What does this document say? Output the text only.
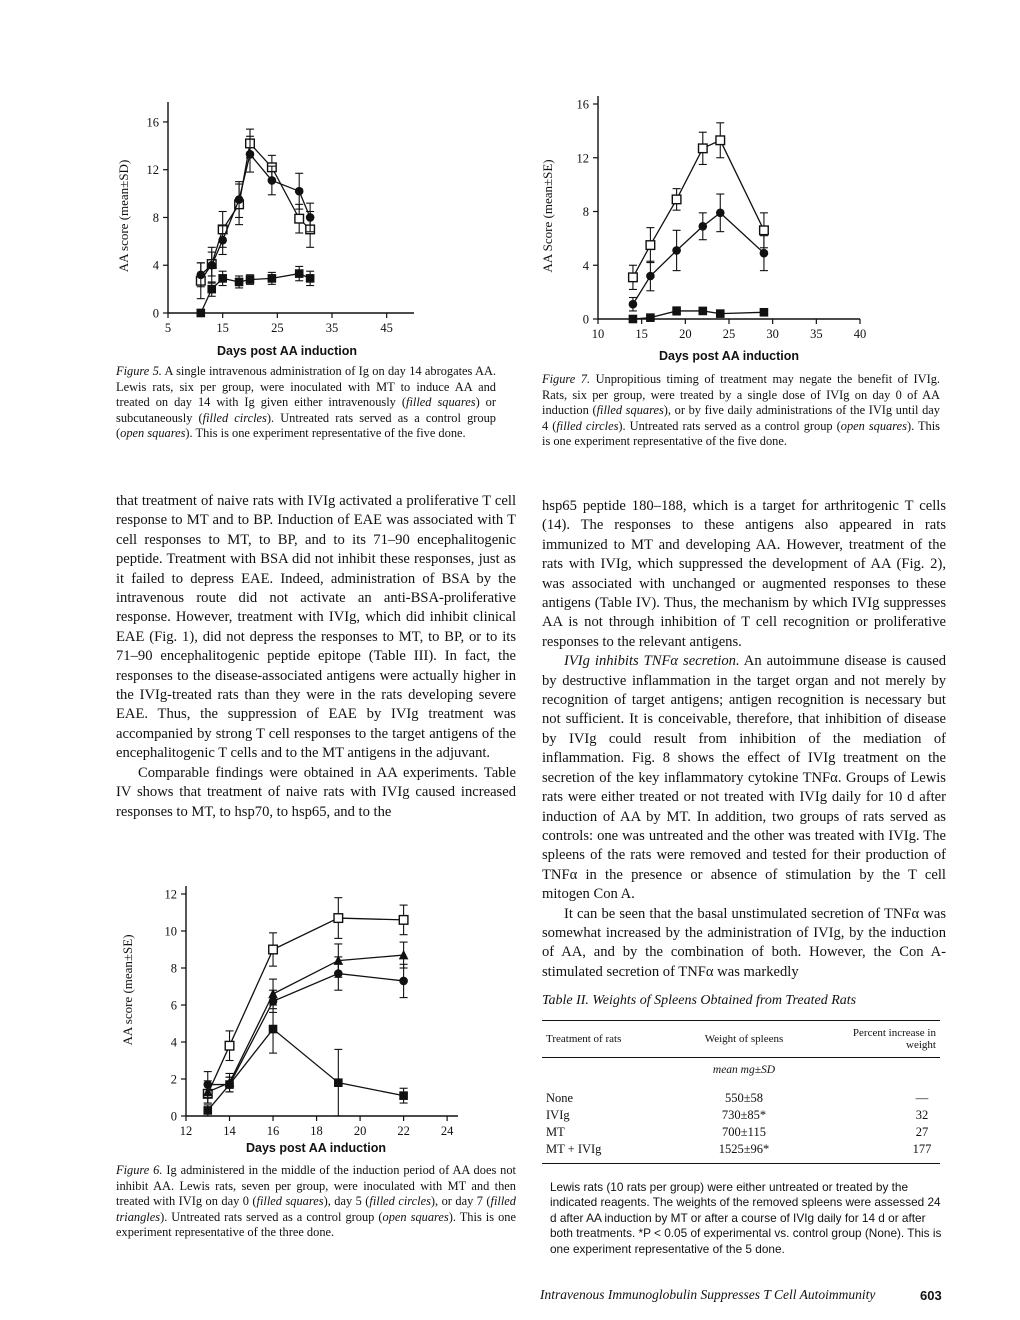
AA score (mean±SD)
Days post AA induction
0
4
8
12
16
5	15	25	35	45
Figure 5. A single intravenous administration of Ig on day 14 abrogates AA. Lewis rats, six per group, were inoculated with MT to induce AA and treated on day 14 with Ig given either intravenously (filled squares) or subcutaneously (filled circles). Untreated rats served as a control group (open squares). This is one experiment representative of the five done.
AA Score (mean±SE)
Days post AA induction
0
4
8
12
16
10 15 20 25 30 35 40
Figure 7. Unpropitious timing of treatment may negate the benefit of IVIg. Rats, six per group, were treated by a single dose of IVIg on day 0 of AA induction (filled squares), or by five daily administrations of the IVIg until day 4 (filled circles). Untreated rats served as a control group (open squares). This is one experiment representative of the five done.

that treatment of naive rats with IVIg activated a proliferative T cell response to MT and to BP. Induction of EAE was associated with T cell responses to MT, to BP, and to its 71–90 encephalitogenic peptide. Treatment with BSA did not inhibit these responses, just as it failed to depress EAE. Indeed, administration of BSA by the intravenous route did not activate an anti-BSA-proliferative response. However, treatment with IVIg, which did inhibit clinical EAE (Fig. 1), did not depress the responses to MT, to BP, or to its 71–90 encephalitogenic peptide epitope (Table III). In fact, the responses to the disease-associated antigens were actually higher in the IVIg-treated rats than they were in the rats developing severe EAE. Thus, the suppression of EAE by IVIg treatment was accompanied by strong T cell responses to the target antigens of the encephalitogenic T cells and to the MT antigens in the adjuvant.

Comparable findings were obtained in AA experiments. Table IV shows that treatment of naive rats with IVIg caused increased responses to MT, to hsp70, to hsp65, and to the

AA score (mean±SE)
Days post AA induction
0
2
4
6
8
10
12
12 14 16 18 20 22 24
Figure 6. Ig administered in the middle of the induction period of AA does not inhibit AA. Lewis rats, seven per group, were inoculated with MT and then treated with IVIg on day 0 (filled squares), day 5 (filled circles), or day 7 (filled triangles). Untreated rats served as a control group (open squares). This is one experiment representative of the three done.

hsp65 peptide 180–188, which is a target for arthritogenic T cells (14). The responses to these antigens also appeared in rats immunized to MT and developing AA. However, treatment of the rats with IVIg, which suppressed the development of AA (Fig. 2), was associated with unchanged or augmented responses to these antigens (Table IV). Thus, the mechanism by which IVIg suppresses AA is not through inhibition of T cell recognition or proliferative responses to the relevant antigens.

IVIg inhibits TNFα secretion. An autoimmune disease is caused by destructive inflammation in the target organ and not merely by recognition of target antigens; antigen recognition is necessary but not sufficient. It is conceivable, therefore, that inhibition of disease by IVIg could result from inhibition of the mediation of inflammation. Fig. 8 shows the effect of IVIg treatment on the secretion of the key inflammatory cytokine TNFα. Groups of Lewis rats were either treated or not treated with IVIg daily for 10 d after induction of AA by MT. In addition, two groups of rats served as controls: one was untreated and the other was treated with IVIg. The spleens of the rats were removed and tested for their production of TNFα in the presence or absence of stimulation by the T cell mitogen Con A.

It can be seen that the basal unstimulated secretion of TNFα was somewhat increased by the administration of IVIg, by the induction of AA, and by the combination of both. However, the Con A-stimulated secretion of TNFα was markedly

Table II. Weights of Spleens Obtained from Treated Rats
Treatment of rats	Weight of spleens	Percent increase in weight
	mean mg±SD	
None	550±58	—
IVIg	730±85*	32
MT	700±115	27
MT + IVIg	1525±96*	177
Lewis rats (10 rats per group) were either untreated or treated by the indicated reagents. The weights of the removed spleens were assessed 24 d after AA induction by MT or after a course of IVIg daily for 14 d or after both treatments. *P < 0.05 of experimental vs. control group (None). This is one experiment representative of the 5 done.
Intravenous Immunoglobulin Suppresses T Cell Autoimmunity	603
